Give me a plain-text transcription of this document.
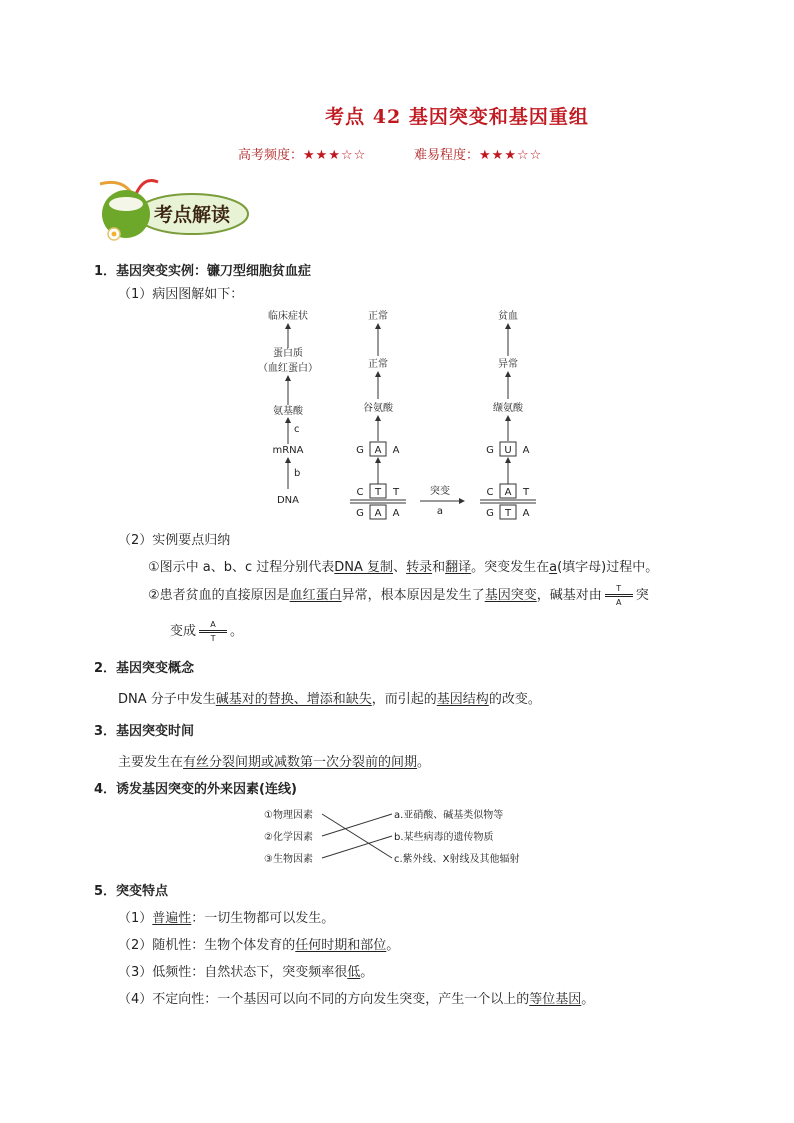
考点 42 基因突变和基因重组
高考频度：★★★☆☆	难易程度：★★★☆☆
考点解读
1．基因突变实例：镰刀型细胞贫血症
（1）病因图解如下：
临床症状
蛋白质
（血红蛋白）
氨基酸
mRNA
DNA
c
b
正常
正常
谷氨酸
G A A
C T T
G A A
突变
a
贫血
异常
缬氨酸
G U A
C A T
G T A
（2）实例要点归纳
①图示中 a、b、c 过程分别代表DNA 复制、转录和翻译。突变发生在a(填字母)过程中。
②患者贫血的直接原因是血红蛋白异常，根本原因是发生了基因突变，碱基对由 $\frac{T}{A}$ 突
变成 $\frac{A}{T}$ 。
2．基因突变概念
DNA 分子中发生碱基对的替换、增添和缺失，而引起的基因结构的改变。
3．基因突变时间
主要发生在有丝分裂间期或减数第一次分裂前的间期。
4．诱发基因突变的外来因素(连线)
①物理因素
②化学因素
③生物因素
a.亚硝酸、碱基类似物等
b.某些病毒的遗传物质
c.紫外线、X射线及其他辐射
5．突变特点
（1）普遍性：一切生物都可以发生。
（2）随机性：生物个体发育的任何时期和部位。
（3）低频性：自然状态下，突变频率很低。
（4）不定向性：一个基因可以向不同的方向发生突变，产生一个以上的等位基因。
